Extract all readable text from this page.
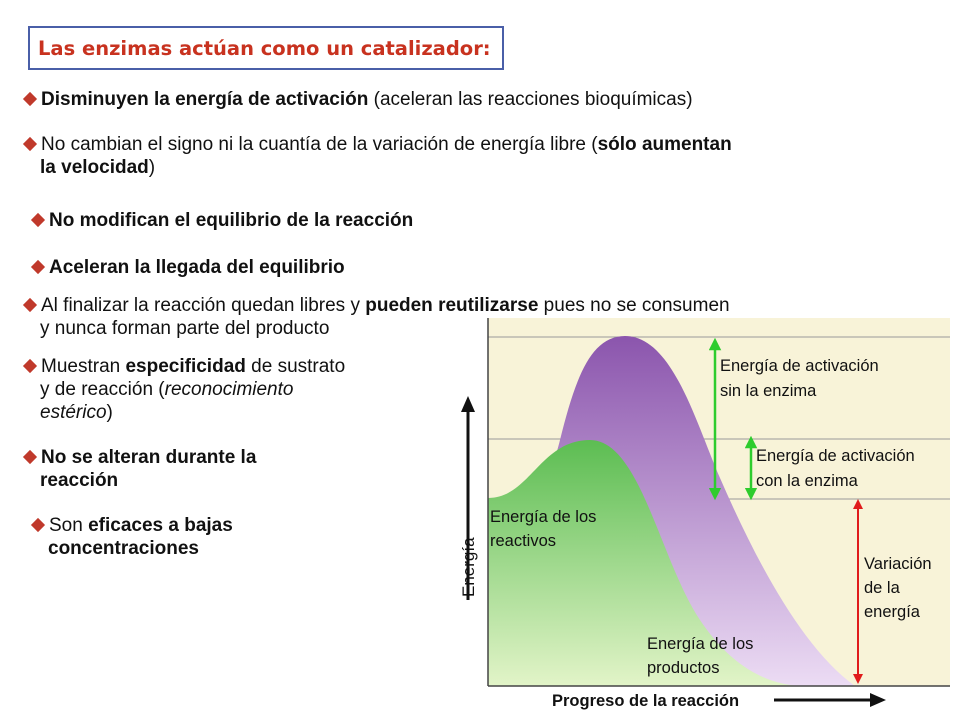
Las enzimas actúan como un catalizador:
Disminuyen la energía de activación (aceleran las reacciones bioquímicas)
No cambian el signo ni la cuantía de la variación de energía libre (sólo aumentan
la velocidad)
No modifican el equilibrio de la reacción
Aceleran la llegada del equilibrio
Al finalizar la reacción quedan libres y pueden reutilizarse pues no se consumen
y nunca forman parte del producto
Muestran especificidad de sustrato
y de reacción (reconocimiento
estérico)
No se alteran durante la
reacción
Son eficaces a bajas
concentraciones
Energía de activación
sin la enzima
Energía de activación
con la enzima
Energía de los
reactivos
Energía de los
productos
Variación
de la
energía
Energía
Progreso de la reacción
